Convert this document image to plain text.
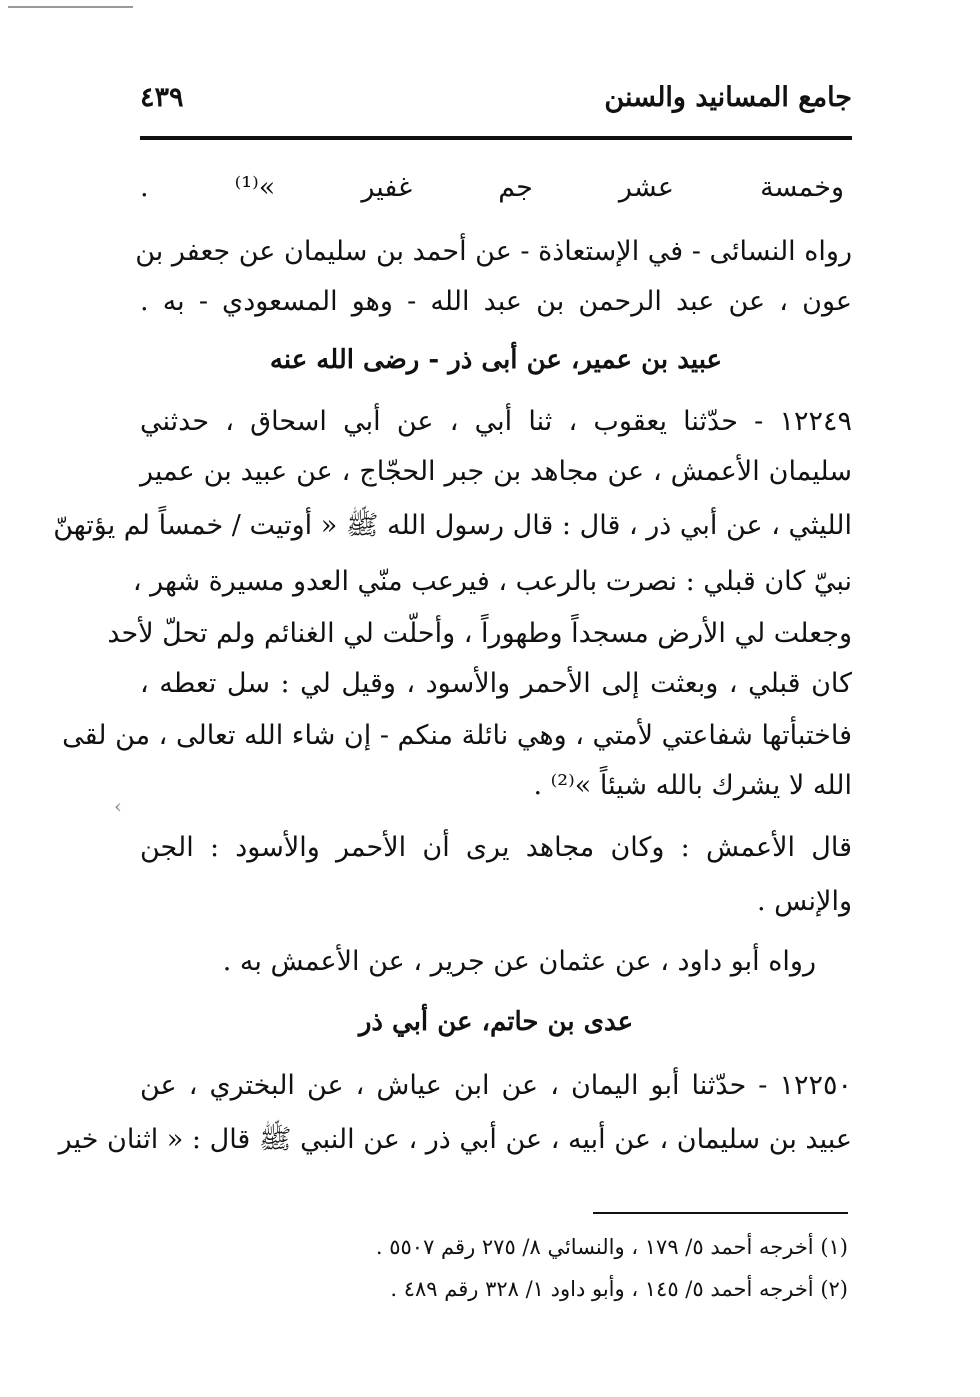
جامع المسانيد والسنن
٤٣٩
وخمسة عشر جم غفير »⁽¹⁾ .
رواه النسائى - في الإستعاذة - عن أحمد بن سليمان عن جعفر بن
عون ، عن عبد الرحمن بن عبد الله - وهو المسعودي - به .
عبيد بن عمير، عن أبى ذر - رضى الله عنه
١٢٢٤٩ - حدّثنا يعقوب ، ثنا أبي ، عن أبي اسحاق ، حدثني
سليمان الأعمش ، عن مجاهد بن جبر الحجّاج ، عن عبيد بن عمير
الليثي ، عن أبي ذر ، قال : قال رسول الله ﷺ « أوتيت / خمساً لم يؤتهنّ
نبيّ كان قبلي : نصرت بالرعب ، فيرعب منّي العدو مسيرة شهر ،
وجعلت لي الأرض مسجداً وطهوراً ، وأحلّت لي الغنائم ولم تحلّ لأحد
كان قبلي ، وبعثت إلى الأحمر والأسود ، وقيل لي : سل تعطه ،
فاختبأتها شفاعتي لأمتي ، وهي نائلة منكم - إن شاء الله تعالى ، من لقى
الله لا يشرك بالله شيئاً »⁽²⁾ .
قال الأعمش : وكان مجاهد يرى أن الأحمر والأسود : الجن
والإنس .
رواه أبو داود ، عن عثمان عن جرير ، عن الأعمش به .
عدى بن حاتم، عن أبي ذر
١٢٢٥٠ - حدّثنا أبو اليمان ، عن ابن عياش ، عن البختري ، عن
عبيد بن سليمان ، عن أبيه ، عن أبي ذر ، عن النبي ﷺ قال : « اثنان خير
(١) أخرجه أحمد ٥/ ١٧٩ ، والنسائي ٨/ ٢٧٥ رقم ٥٥٠٧ .
(٢) أخرجه أحمد ٥/ ١٤٥ ، وأبو داود ١/ ٣٢٨ رقم ٤٨٩ .
‹
